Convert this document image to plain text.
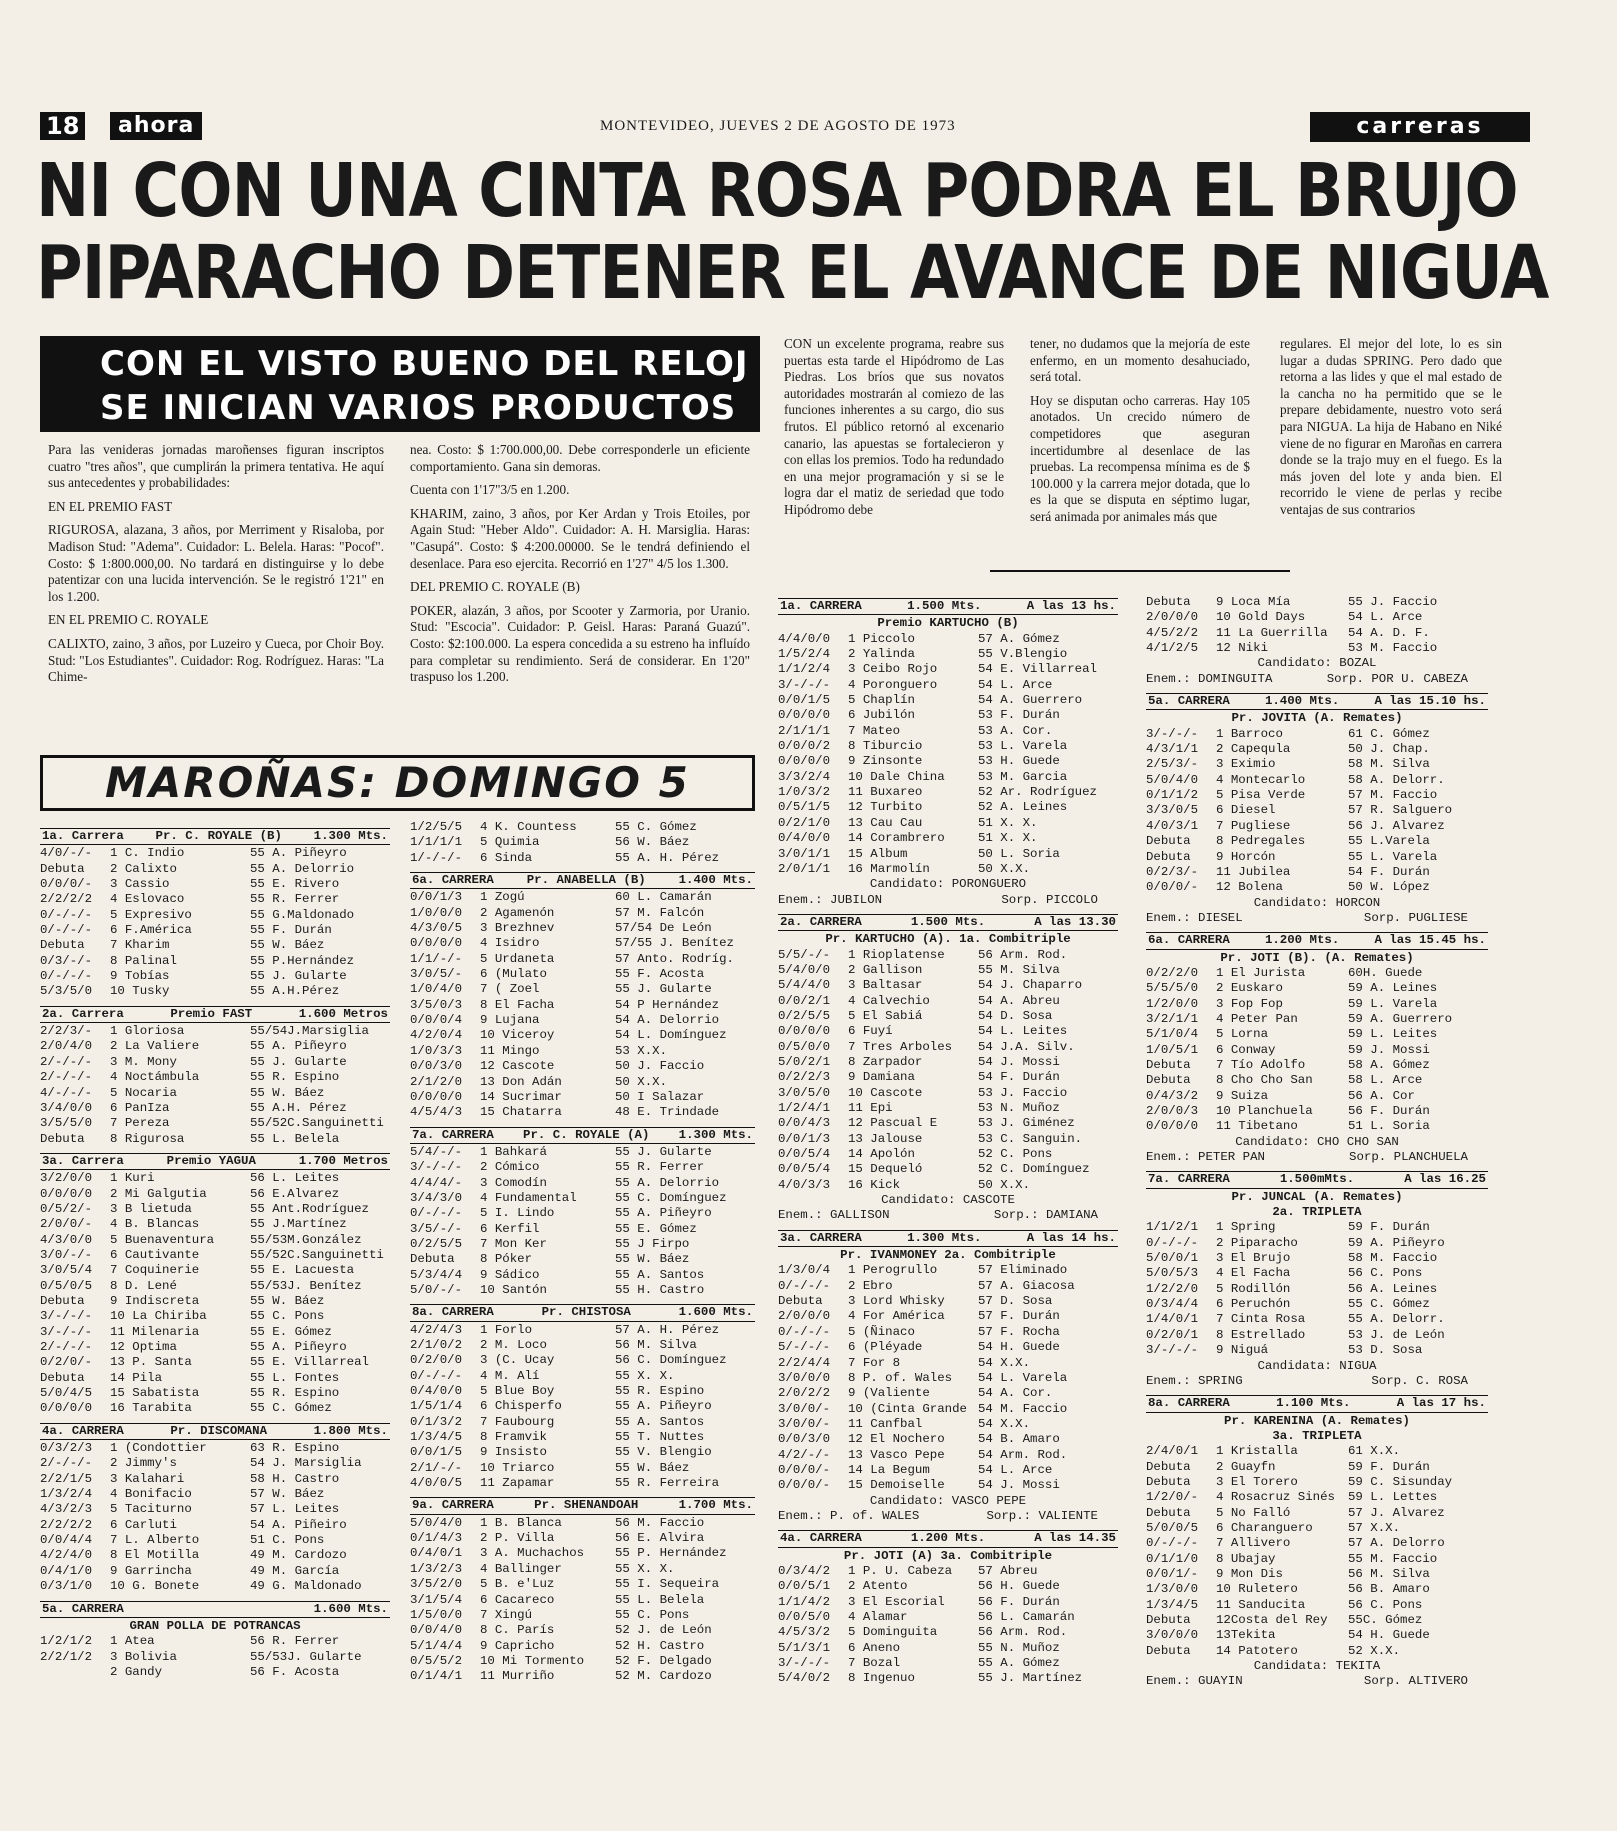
18	ahora	MONTEVIDEO, JUEVES 2 DE AGOSTO DE 1973	carreras
NI CON UNA CINTA ROSA PODRA EL BRUJO
PIPARACHO DETENER EL AVANCE DE NIGUA
CON EL VISTO BUENO DEL RELOJ
SE INICIAN VARIOS PRODUCTOS

Para las venideras jornadas maroñenses figuran inscriptos cuatro "tres años", que cumplirán la primera tentativa. He aquí sus antecedentes y probabilidades:

EN EL PREMIO FAST

RIGUROSA, alazana, 3 años, por Merriment y Risaloba, por Madison Stud: "Adema". Cuidador: L. Belela. Haras: "Pocof". Costo: $ 1:800.000,00. No tardará en distinguirse y lo debe patentizar con una lucida intervención. Se le registró 1'21" en los 1.200.

EN EL PREMIO C. ROYALE

CALIXTO, zaino, 3 años, por Luzeiro y Cueca, por Choir Boy. Stud: "Los Estudiantes". Cuidador: Rog. Rodríguez. Haras: "La Chime-

nea. Costo: $ 1:700.000,00. Debe corresponderle un eficiente comportamiento. Gana sin demoras.

Cuenta con 1'17"3/5 en 1.200.

KHARIM, zaino, 3 años, por Ker Ardan y Trois Etoiles, por Again Stud: "Heber Aldo". Cuidador: A. H. Marsiglia. Haras: "Casupá". Costo: $ 4:200.00000. Se le tendrá definiendo el desenlace. Para eso ejercita. Recorrió en 1'27" 4/5 los 1.300.

DEL PREMIO C. ROYALE (B)

POKER, alazán, 3 años, por Scooter y Zarmoria, por Uranio. Stud: "Escocia". Cuidador: P. Geisl. Haras: Paraná Guazú". Costo: $2:100.000. La espera concedida a su estreno ha influído para completar su rendimiento. Será de considerar. En 1'20" traspuso los 1.200.

CON un excelente programa, reabre sus puertas esta tarde el Hipódromo de Las Piedras. Los bríos que sus novatos autoridades mostrarán al comiezo de las funciones inherentes a su cargo, dio sus frutos. El público retornó al excenario canario, las apuestas se fortalecieron y con ellas los premios. Todo ha redundado en una mejor programación y si se le logra dar el matiz de seriedad que todo Hipódromo debe

tener, no dudamos que la mejoría de este enfermo, en un momento desahuciado, será total.

Hoy se disputan ocho carreras. Hay 105 anotados. Un crecido número de competidores que aseguran incertidumbre al desenlace de las pruebas. La recompensa mínima es de $ 100.000 y la carrera mejor dotada, que lo es la que se disputa en séptimo lugar, será animada por animales más que

regulares. El mejor del lote, lo es sin lugar a dudas SPRING. Pero dado que retorna a las lides y que el mal estado de la cancha no ha permitido que se le prepare debidamente, nuestro voto será para NIGUA. La hija de Habano en Niké viene de no figurar en Maroñas en carrera donde se la trajo muy en el fuego. Es la más joven del lote y anda bien. El recorrido le viene de perlas y recibe ventajas de sus contrarios

MAROÑAS: DOMINGO 5
1a. Carrera	Pr. C. ROYALE (B)	1.300 Mts.
4/0/-/-	1 C. Indio	55 A. Piñeyro
Debuta	2 Calixto	55 A. Delorrio
0/0/0/-	3 Cassio	55 E. Rivero
2/2/2/2	4 Eslovaco	55 R. Ferrer
0/-/-/-	5 Expresivo	55 G.Maldonado
0/-/-/-	6 F.América	55 F. Durán
Debuta	7 Kharim	55 W. Báez
0/3/-/-	8 Palinal	55 P.Hernández
0/-/-/-	9 Tobías	55 J. Gularte
5/3/5/0	10 Tusky	55 A.H.Pérez
2a. Carrera	Premio FAST	1.600 Metros
2/2/3/-	1 Gloriosa	55/54J.Marsiglia
2/0/4/0	2 La Valiere	55 A. Piñeyro
2/-/-/-	3 M. Mony	55 J. Gularte
2/-/-/-	4 Noctámbula	55 R. Espino
4/-/-/-	5 Nocaria	55 W. Báez
3/4/0/0	6 PanIza	55 A.H. Pérez
3/5/5/0	7 Pereza	55/52C.Sanguinetti
Debuta	8 Rigurosa	55 L. Belela
3a. Carrera	Premio YAGUA	1.700 Metros
3/2/0/0	1 Kuri	56 L. Leites
0/0/0/0	2 Mi Galgutia	56 E.Alvarez
0/5/2/-	3 B lietuda	55 Ant.Rodríguez
2/0/0/-	4 B. Blancas	55 J.Martínez
4/3/0/0	5 Buenaventura	55/53M.González
3/0/-/-	6 Cautivante	55/52C.Sanguinetti
3/0/5/4	7 Coquinerie	55 E. Lacuesta
0/5/0/5	8 D. Lené	55/53J. Benítez
Debuta	9 Indiscreta	55 W. Báez
3/-/-/-	10 La Chiriba	55 C. Pons
3/-/-/-	11 Milenaria	55 E. Gómez
2/-/-/-	12 Optima	55 A. Piñeyro
0/2/0/-	13 P. Santa	55 E. Villarreal
Debuta	14 Pila	55 L. Fontes
5/0/4/5	15 Sabatista	55 R. Espino
0/0/0/0	16 Tarabita	55 C. Gómez
4a. CARRERA	Pr. DISCOMANA	1.800 Mts.
0/3/2/3	1 (Condottier	63 R. Espino
2/-/-/-	2 Jimmy's	54 J. Marsiglia
2/2/1/5	3 Kalahari	58 H. Castro
1/3/2/4	4 Bonifacio	57 W. Báez
4/3/2/3	5 Taciturno	57 L. Leites
2/2/2/2	6 Carluti	54 A. Piñeiro
0/0/4/4	7 L. Alberto	51 C. Pons
4/2/4/0	8 El Motilla	49 M. Cardozo
0/4/1/0	9 Garrincha	49 M. García
0/3/1/0	10 G. Bonete	49 G. Maldonado
5a. CARRERA	1.600 Mts.
GRAN POLLA DE POTRANCAS
1/2/1/2	1 Atea	56 R. Ferrer
2/2/1/2	3 Bolivia	55/53J. Gularte
2 Gandy	56 F. Acosta
1/2/5/5	4 K. Countess	55 C. Gómez
1/1/1/1	5 Quimia	56 W. Báez
1/-/-/-	6 Sinda	55 A. H. Pérez
6a. CARRERA	Pr. ANABELLA (B)	1.400 Mts.
0/0/1/3	1 Zogú	60 L. Camarán
1/0/0/0	2 Agamenón	57 M. Falcón
4/3/0/5	3 Brezhnev	57/54 De León
0/0/0/0	4 Isidro	57/55 J. Benítez
1/1/-/-	5 Urdaneta	57 Anto. Rodríg.
3/0/5/-	6 (Mulato	55 F. Acosta
1/0/4/0	7 ( Zoel	55 J. Gularte
3/5/0/3	8 El Facha	54 P Hernández
0/0/0/4	9 Lujana	54 A. Delorrio
4/2/0/4	10 Viceroy	54 L. Domínguez
1/0/3/3	11 Mingo	53 X.X.
0/0/3/0	12 Cascote	50 J. Faccio
2/1/2/0	13 Don Adán	50 X.X.
0/0/0/0	14 Sucrimar	50 I Salazar
4/5/4/3	15 Chatarra	48 E. Trindade
7a. CARRERA Pr. C. ROYALE (A) 1.300 Mts.
5/4/-/-	1 Bahkará	55 J. Gularte
3/-/-/-	2 Cómico	55 R. Ferrer
4/4/4/-	3 Comodín	55 A. Delorrio
3/4/3/0	4 Fundamental	55 C. Domínguez
0/-/-/-	5 I. Lindo	55 A. Piñeyro
3/5/-/-	6 Kerfil	55 E. Gómez
0/2/5/5	7 Mon Ker	55 J Firpo
Debuta	8 Póker	55 W. Báez
5/3/4/4	9 Sádico	55 A. Santos
5/0/-/-	10 Santón	55 H. Castro
8a. CARRERA	Pr. CHISTOSA	1.600 Mts.
4/2/4/3	1 Forlo	57 A. H. Pérez
2/1/0/2	2 M. Loco	56 M. Silva
0/2/0/0	3 (C. Ucay	56 C. Domínguez
0/-/-/-	4 M. Alí	55 X. X.
0/4/0/0	5 Blue Boy	55 R. Espino
1/5/1/4	6 Chisperfo	55 A. Piñeyro
0/1/3/2	7 Faubourg	55 A. Santos
1/3/4/5	8 Framvik	55 T. Nuttes
0/0/1/5	9 Insisto	55 V. Blengio
2/1/-/-	10 Triarco	55 W. Báez
4/0/0/5	11 Zapamar	55 R. Ferreira
9a. CARRERA	Pr. SHENANDOAH	1.700 Mts.
5/0/4/0	1 B. Blanca	56 M. Faccio
0/1/4/3	2 P. Villa	56 E. Alvira
0/4/0/1	3 A. Muchachos	55 P. Hernández
1/3/2/3	4 Ballinger	55 X. X.
3/5/2/0	5 B. e'Luz	55 I. Sequeira
3/1/5/4	6 Cacareco	55 L. Belela
1/5/0/0	7 Xingú	55 C. Pons
0/0/4/0	8 C. París	52 J. de León
5/1/4/4	9 Capricho	52 H. Castro
0/5/5/2	10 Mi Tormento	52 F. Delgado
0/1/4/1	11 Murriño	52 M. Cardozo
1a. CARRERA	1.500 Mts.	A las 13 hs.
Premio KARTUCHO (B)
4/4/0/0	1 Piccolo	57 A. Gómez
1/5/2/4	2 Yalinda	55 V.Blengio
1/1/2/4	3 Ceibo Rojo	54 E. Villarreal
3/-/-/-	4 Poronguero	54 L. Arce
0/0/1/5	5 Chaplín	54 A. Guerrero
0/0/0/0	6 Jubilón	53 F. Durán
2/1/1/1	7 Mateo	53 A. Cor.
0/0/0/2	8 Tiburcio	53 L. Varela
0/0/0/0	9 Zinsonte	53 H. Guede
3/3/2/4	10 Dale China	53 M. Garcia
1/0/3/2	11 Buxareo	52 Ar. Rodríguez
0/5/1/5	12 Turbito	52 A. Leines
0/2/1/0	13 Cau Cau	51 X. X.
0/4/0/0	14 Corambrero	51 X. X.
3/0/1/1	15 Album	50 L. Soria
2/0/1/1	16 Marmolín	50 X.X.
Candidato: PORONGUERO
Enem.: JUBILON	Sorp. PICCOLO
2a. CARRERA	1.500 Mts.	A las 13.30
Pr. KARTUCHO (A). 1a. Combitriple
5/5/-/-	1 Rioplatense	56 Arm. Rod.
5/4/0/0	2 Gallison	55 M. Silva
5/4/4/0	3 Baltasar	54 J. Chaparro
0/0/2/1	4 Calvechio	54 A. Abreu
0/2/5/5	5 El Sabiá	54 D. Sosa
0/0/0/0	6 Fuyí	54 L. Leites
0/5/0/0	7 Tres Arboles	54 J.A. Silv.
5/0/2/1	8 Zarpador	54 J. Mossi
0/2/2/3	9 Damiana	54 F. Durán
3/0/5/0	10 Cascote	53 J. Faccio
1/2/4/1	11 Epi	53 N. Muñoz
0/0/4/3	12 Pascual E	53 J. Giménez
0/0/1/3	13 Jalouse	53 C. Sanguin.
0/0/5/4	14 Apolón	52 C. Pons
0/0/5/4	15 Dequeló	52 C. Domínguez
4/0/3/3	16 Kick	50 X.X.
Candidato: CASCOTE
Enem.: GALLISON	Sorp.: DAMIANA
3a. CARRERA	1.300 Mts.	A las 14 hs.
Pr. IVANMONEY 2a. Combitriple
1/3/0/4	1 Perogrullo	57 Eliminado
0/-/-/-	2 Ebro	57 A. Giacosa
Debuta	3 Lord Whisky	57 D. Sosa
2/0/0/0	4 For América	57 F. Durán
0/-/-/-	5 (Ñinaco	57 F. Rocha
5/-/-/-	6 (Pléyade	54 H. Guede
2/2/4/4	7 For 8	54 X.X.
3/0/0/0	8 P. of. Wales	54 L. Varela
2/0/2/2	9 (Valiente	54 A. Cor.
3/0/0/-	10 (Cinta Grande 54 M. Faccio
3/0/0/-	11 Canfbal	54 X.X.
0/0/3/0	12 El Nochero	54 B. Amaro
4/2/-/-	13 Vasco Pepe	54 Arm. Rod.
0/0/0/-	14 La Begum	54 L. Arce
0/0/0/-	15 Demoiselle	54 J. Mossi
Candidato: VASCO PEPE
Enem.: P. of. WALES	Sorp.: VALIENTE
4a. CARRERA	1.200 Mts.	A las 14.35
Pr. JOTI (A) 3a. Combitriple
0/3/4/2	1 P. U. Cabeza	57 Abreu
0/0/5/1	2 Atento	56 H. Guede
1/1/4/2	3 El Escorial	56 F. Durán
0/0/5/0	4 Alamar	56 L. Camarán
4/5/3/2	5 Dominguita	56 Arm. Rod.
5/1/3/1	6 Aneno	55 N. Muñoz
3/-/-/-	7 Bozal	55 A. Gómez
5/4/0/2	8 Ingenuo	55 J. Martínez
Debuta	9 Loca Mía	55 J. Faccio
2/0/0/0	10 Gold Days	54 L. Arce
4/5/2/2	11 La Guerrilla	54 A. D. F.
4/1/2/5	12 Niki	53 M. Faccio
Candidato: BOZAL
Enem.: DOMINGUITA	Sorp. POR U. CABEZA
5a. CARRERA	1.400 Mts.	A las 15.10 hs.
Pr. JOVITA (A. Remates)
3/-/-/-	1 Barroco	61 C. Gómez
4/3/1/1	2 Capequla	50 J. Chap.
2/5/3/-	3 Eximio	58 M. Silva
5/0/4/0	4 Montecarlo	58 A. Delorr.
0/1/1/2	5 Pisa Verde	57 M. Faccio
3/3/0/5	6 Diesel	57 R. Salguero
4/0/3/1	7 Pugliese	56 J. Alvarez
Debuta	8 Pedregales	55 L.Varela
Debuta	9 Horcón	55 L. Varela
0/2/3/-	11 Jubilea	54 F. Durán
0/0/0/-	12 Bolena	50 W. López
Candidato: HORCON
Enem.: DIESEL	Sorp. PUGLIESE
6a. CARRERA	1.200 Mts.	A las 15.45 hs.
Pr. JOTI (B). (A. Remates)
0/2/2/0	1 El Jurista	60H. Guede
5/5/5/0	2 Euskaro	59 A. Leines
1/2/0/0	3 Fop Fop	59 L. Varela
3/2/1/1	4 Peter Pan	59 A. Guerrero
5/1/0/4	5 Lorna	59 L. Leites
1/0/5/1	6 Conway	59 J. Mossi
Debuta	7 Tío Adolfo	58 A. Gómez
Debuta	8 Cho Cho San	58 L. Arce
0/4/3/2	9 Suiza	56 A. Cor
2/0/0/3	10 Planchuela	56 F. Durán
0/0/0/0	11 Tibetano	51 L. Soria
Candidato: CHO CHO SAN
Enem.: PETER PAN	Sorp. PLANCHUELA
7a. CARRERA	1.500mMts.	A las 16.25
Pr. JUNCAL (A. Remates)
2a. TRIPLETA
1/1/2/1	1 Spring	59 F. Durán
0/-/-/-	2 Piparacho	59 A. Piñeyro
5/0/0/1	3 El Brujo	58 M. Faccio
5/0/5/3	4 El Facha	56 C. Pons
1/2/2/0	5 Rodillón	56 A. Leines
0/3/4/4	6 Peruchón	55 C. Gómez
1/4/0/1	7 Cinta Rosa	55 A. Delorr.
0/2/0/1	8 Estrellado	53 J. de León
3/-/-/-	9 Niguá	53 D. Sosa
Candidata: NIGUA
Enem.: SPRING	Sorp. C. ROSA
8a. CARRERA	1.100 Mts.	A las 17 hs.
Pr. KARENINA (A. Remates)
3a. TRIPLETA
2/4/0/1	1 Kristalla	61 X.X.
Debuta	2 Guayfn	59 F. Durán
Debuta	3 El Torero	59 C. Sisunday
1/2/0/-	4 Rosacruz Sinés	59 L. Lettes
Debuta	5 No Falló	57 J. Alvarez
5/0/0/5	6 Charanguero	57 X.X.
0/-/-/-	7 Allivero	57 A. Delorro
0/1/1/0	8 Ubajay	55 M. Faccio
0/0/1/-	9 Mon Dis	56 M. Silva
1/3/0/0	10 Ruletero	56 B. Amaro
1/3/4/5	11 Sanducita	56 C. Pons
Debuta	12Costa del Rey	55C. Gómez
3/0/0/0	13Tekita	54 H. Guede
Debuta	14 Patotero	52 X.X.
Candidata: TEKITA
Enem.: GUAYIN	Sorp. ALTIVERO
